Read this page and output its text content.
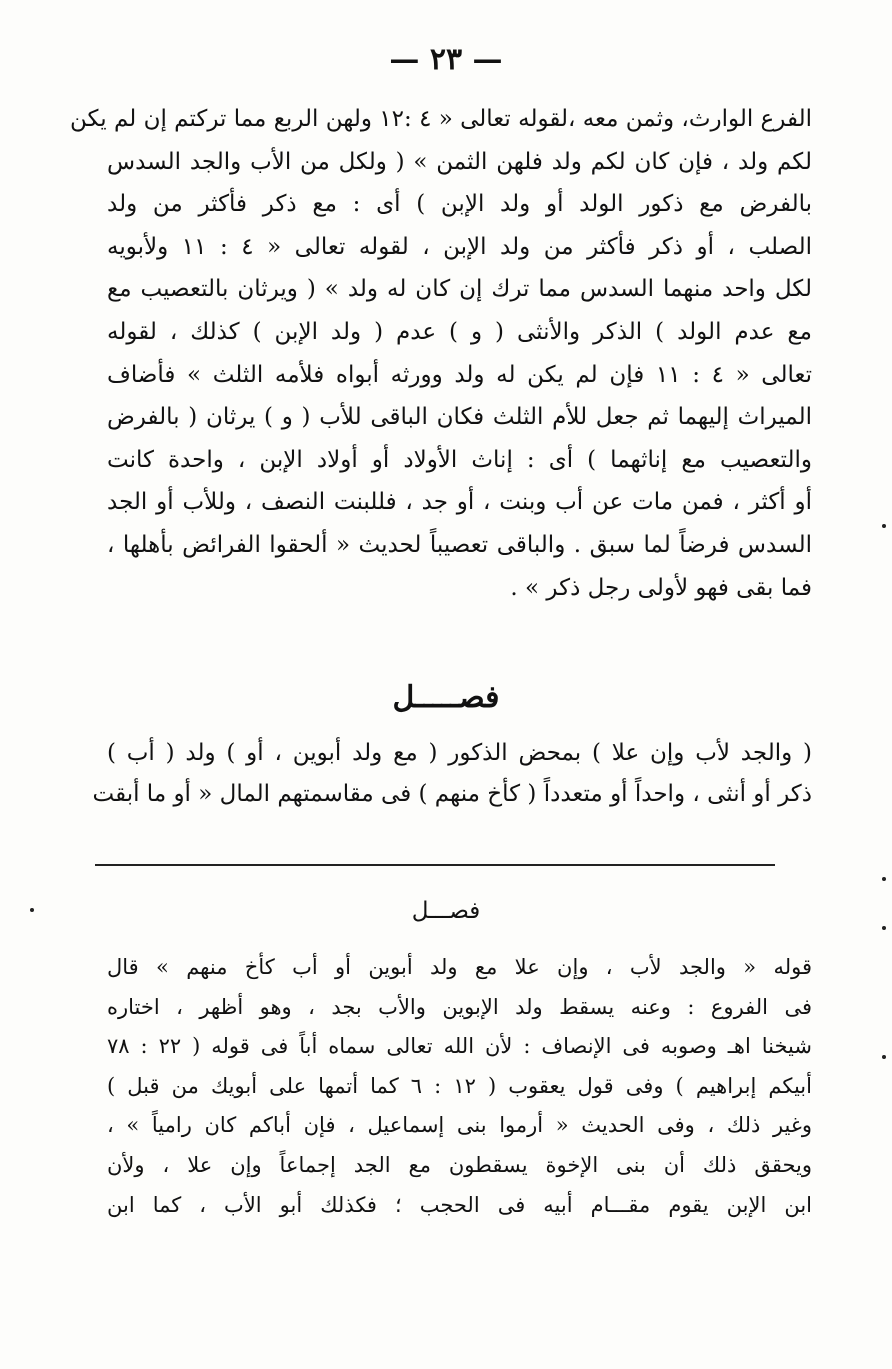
— ٢٣ —
الفرع الوارث، وثمن معه ،لقوله تعالى « ٤ :١٢ ولهن الربع مما تركتم إن لم يكن
لكم ولد ، فإن كان لكم ولد فلهن الثمن » ( ولكل من الأب والجد السدس
بالفرض مع ذكور الولد أو ولد الإبن ) أى : مع ذكر فأكثر من ولد
الصلب ، أو ذكر فأكثر من ولد الإبن ، لقوله تعالى « ٤ : ١١ ولأبويه
لكل واحد منهما السدس مما ترك إن كان له ولد » ( ويرثان بالتعصيب مع
مع عدم الولد ) الذكر والأنثى ( و ) عدم ( ولد الإبن ) كذلك ، لقوله
تعالى « ٤ : ١١ فإن لم يكن له ولد وورثه أبواه فلأمه الثلث » فأضاف
الميراث إليهما ثم جعل للأم الثلث فكان الباقى للأب ( و ) يرثان ( بالفرض
والتعصيب مع إناثهما ) أى : إناث الأولاد أو أولاد الإبن ، واحدة كانت
أو أكثر ، فمن مات عن أب وبنت ، أو جد ، فللبنت النصف ، وللأب أو الجد
السدس فرضاً لما سبق . والباقى تعصيباً لحديث « ألحقوا الفرائض بأهلها ،
فما بقى فهو لأولى رجل ذكر » .
فصـــــل
( والجد لأب وإن علا ) بمحض الذكور ( مع ولد أبوين ، أو ) ولد ( أب )
ذكر أو أنثى ، واحداً أو متعدداً ( كأخ منهم ) فى مقاسمتهم المال « أو ما أبقت
فصـــل
قوله « والجد لأب ، وإن علا مع ولد أبوين أو أب كأخ منهم » قال
فى الفروع : وعنه يسقط ولد الإبوين والأب بجد ، وهو أظهر ، اختاره
شيخنا اهـ وصوبه فى الإنصاف : لأن الله تعالى سماه أباً فى قوله ( ٢٢ : ٧٨
أبيكم إبراهيم ) وفى قول يعقوب ( ١٢ : ٦ كما أتمها على أبويك من قبل )
وغير ذلك ، وفى الحديث « أرموا بنى إسماعيل ، فإن أباكم كان رامياً » ،
ويحقق ذلك أن بنى الإخوة يسقطون مع الجد إجماعاً وإن علا ، ولأن
ابن الإبن يقوم مقـــام أبيه فى الحجب ؛ فكذلك أبو الأب ، كما ابن
